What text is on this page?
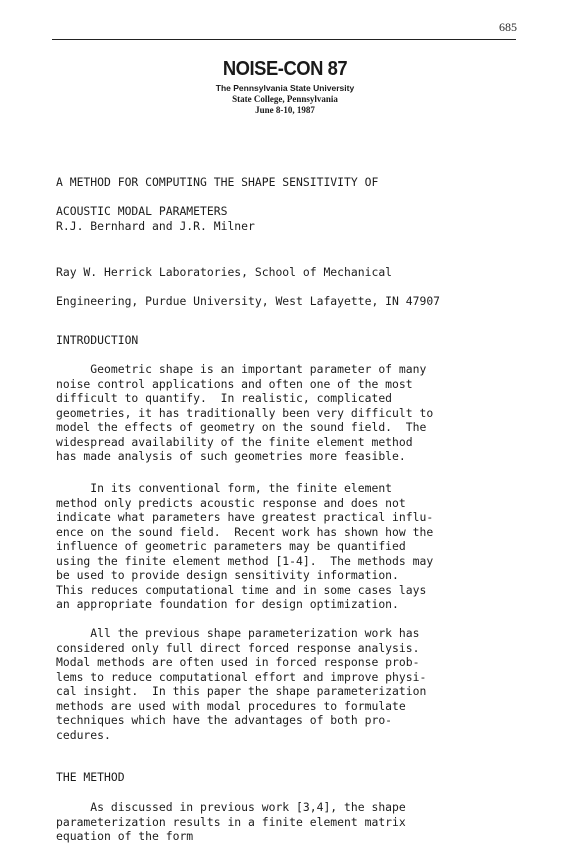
685
NOISE-CON 87
The Pennsylvania State University
State College, Pennsylvania
June 8-10, 1987

A METHOD FOR COMPUTING THE SHAPE SENSITIVITY OF

ACOUSTIC MODAL PARAMETERS

R.J. Bernhard and J.R. Milner

Ray W. Herrick Laboratories, School of Mechanical

Engineering, Purdue University, West Lafayette, IN 47907

INTRODUCTION
Geometric shape is an important parameter of many
noise control applications and often one of the most
difficult to quantify.  In realistic, complicated
geometries, it has traditionally been very difficult to
model the effects of geometry on the sound field.  The
widespread availability of the finite element method
has made analysis of such geometries more feasible.
In its conventional form, the finite element
method only predicts acoustic response and does not
indicate what parameters have greatest practical influ-
ence on the sound field.  Recent work has shown how the
influence of geometric parameters may be quantified
using the finite element method [1-4].  The methods may
be used to provide design sensitivity information.
This reduces computational time and in some cases lays
an appropriate foundation for design optimization.
All the previous shape parameterization work has
considered only full direct forced response analysis.
Modal methods are often used in forced response prob-
lems to reduce computational effort and improve physi-
cal insight.  In this paper the shape parameterization
methods are used with modal procedures to formulate
techniques which have the advantages of both pro-
cedures.
THE METHOD
As discussed in previous work [3,4], the shape
parameterization results in a finite element matrix
equation of the form
